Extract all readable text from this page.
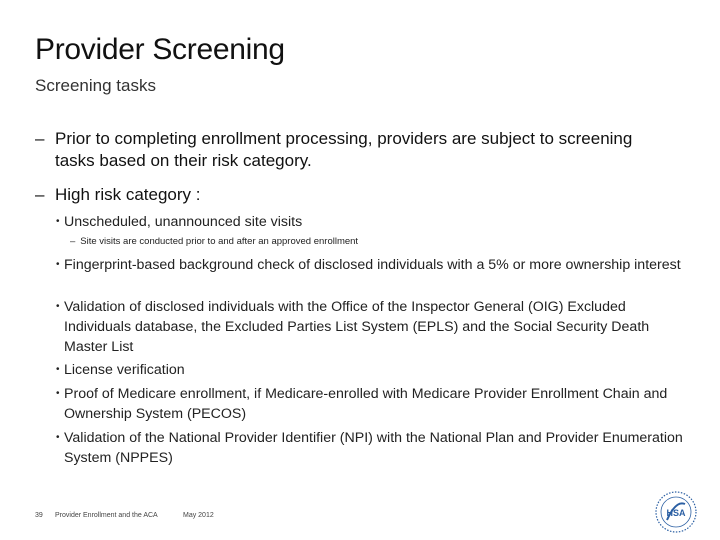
Provider Screening
Screening tasks
– Prior to completing enrollment processing, providers are subject to screening tasks based on their risk category.
– High risk category :
• Unscheduled, unannounced site visits
– Site visits are conducted prior to and after an approved enrollment
• Fingerprint-based background check of disclosed individuals with a 5% or more ownership interest
• Validation of disclosed individuals with the Office of the Inspector General (OIG) Excluded Individuals database, the Excluded Parties List System (EPLS) and the Social Security Death Master List
• License verification
• Proof of Medicare enrollment, if Medicare-enrolled with Medicare Provider Enrollment Chain and Ownership System (PECOS)
• Validation of the National Provider Identifier (NPI) with the National Plan and Provider Enumeration System (NPPES)
39 Provider Enrollment and the ACA	May 2012	HSA
